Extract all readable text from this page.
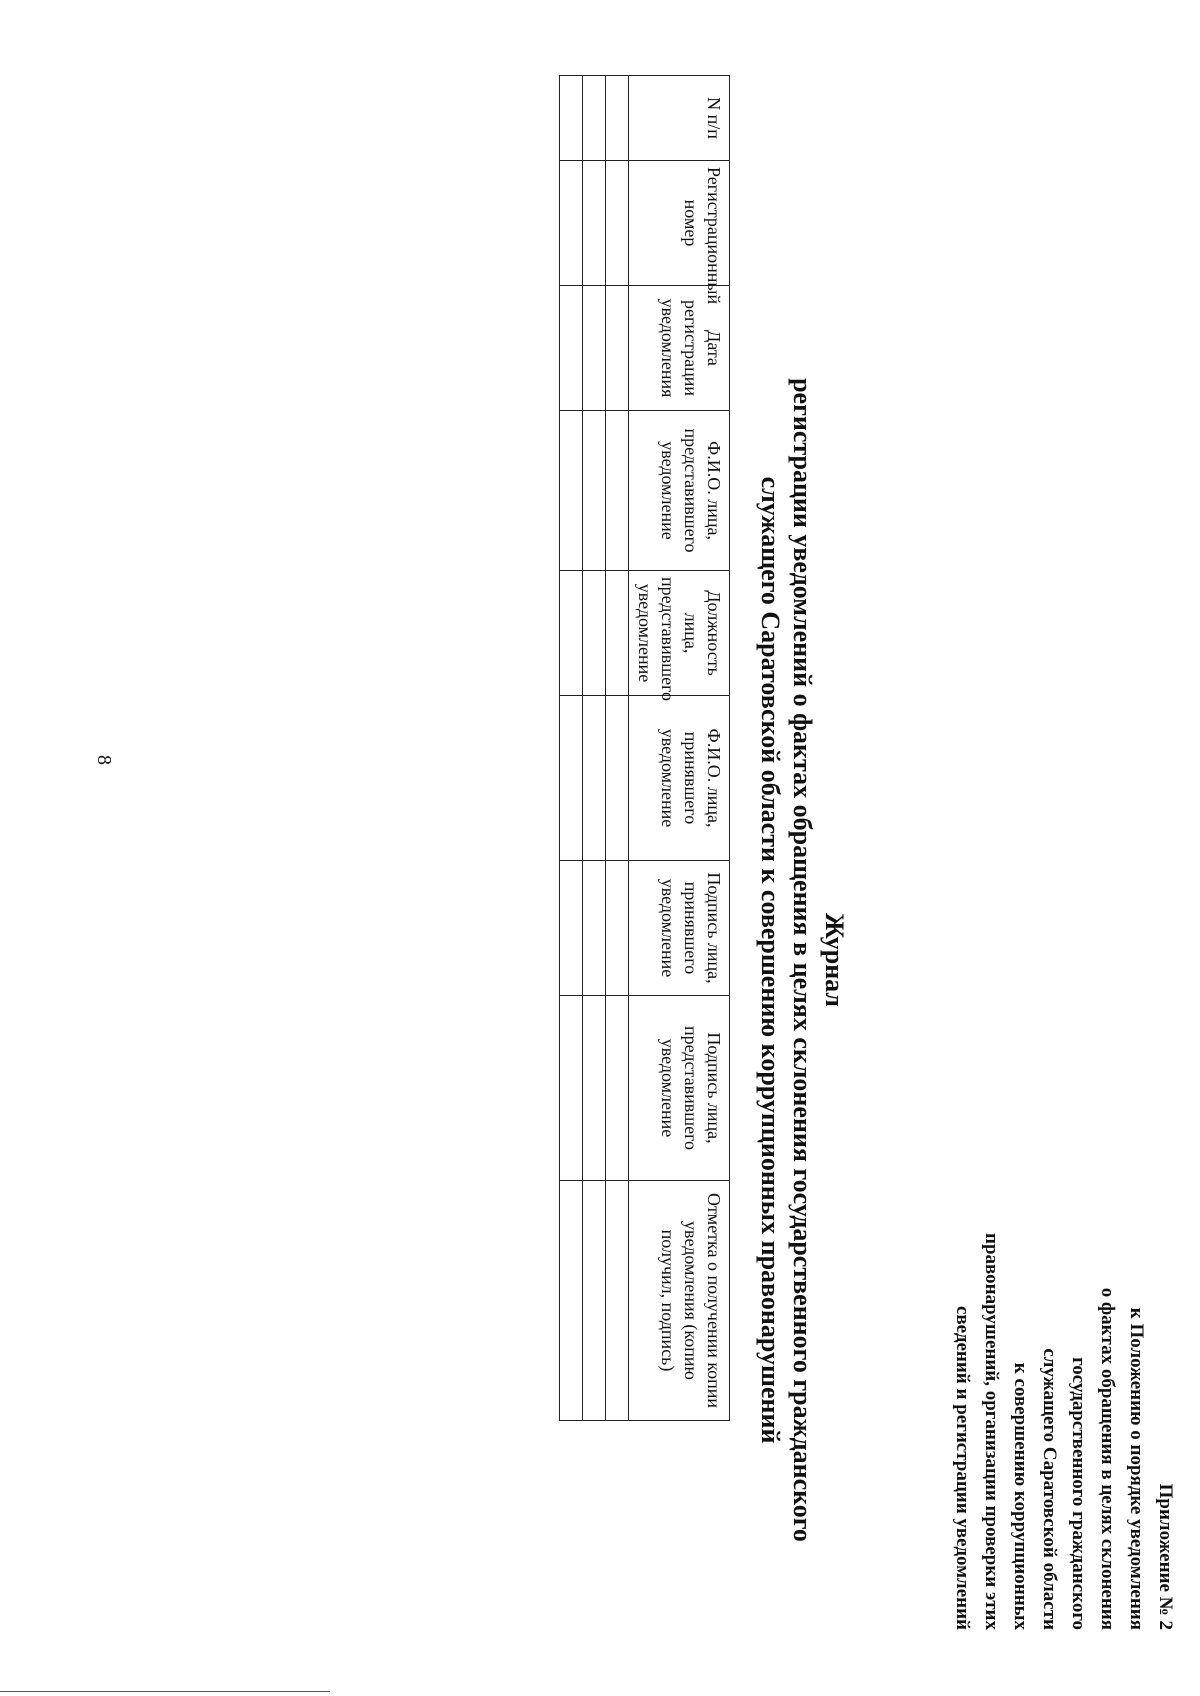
8
Приложение № 2
к Положению о порядке уведомления
о фактах обращения в целях склонения
государственного гражданского
служащего Саратовской области
к совершению коррупционных
правонарушений, организации проверки этих
сведений и регистрации уведомлений
Журнал
регистрации уведомлений о фактах обращения в целях склонения государственного гражданского
служащего Саратовской области к совершению коррупционных правонарушений
N п/п	Регистрационный номер	Дата регистрации уведомления	Ф.И.О. лица, представившего уведомление	Должность лица, представившего уведомление	Ф.И.О. лица, принявшего уведомление	Подпись лица, принявшего уведомление	Подпись лица, представившего уведомление	Отметка о получении копии уведомления (копию получил, подпись)
